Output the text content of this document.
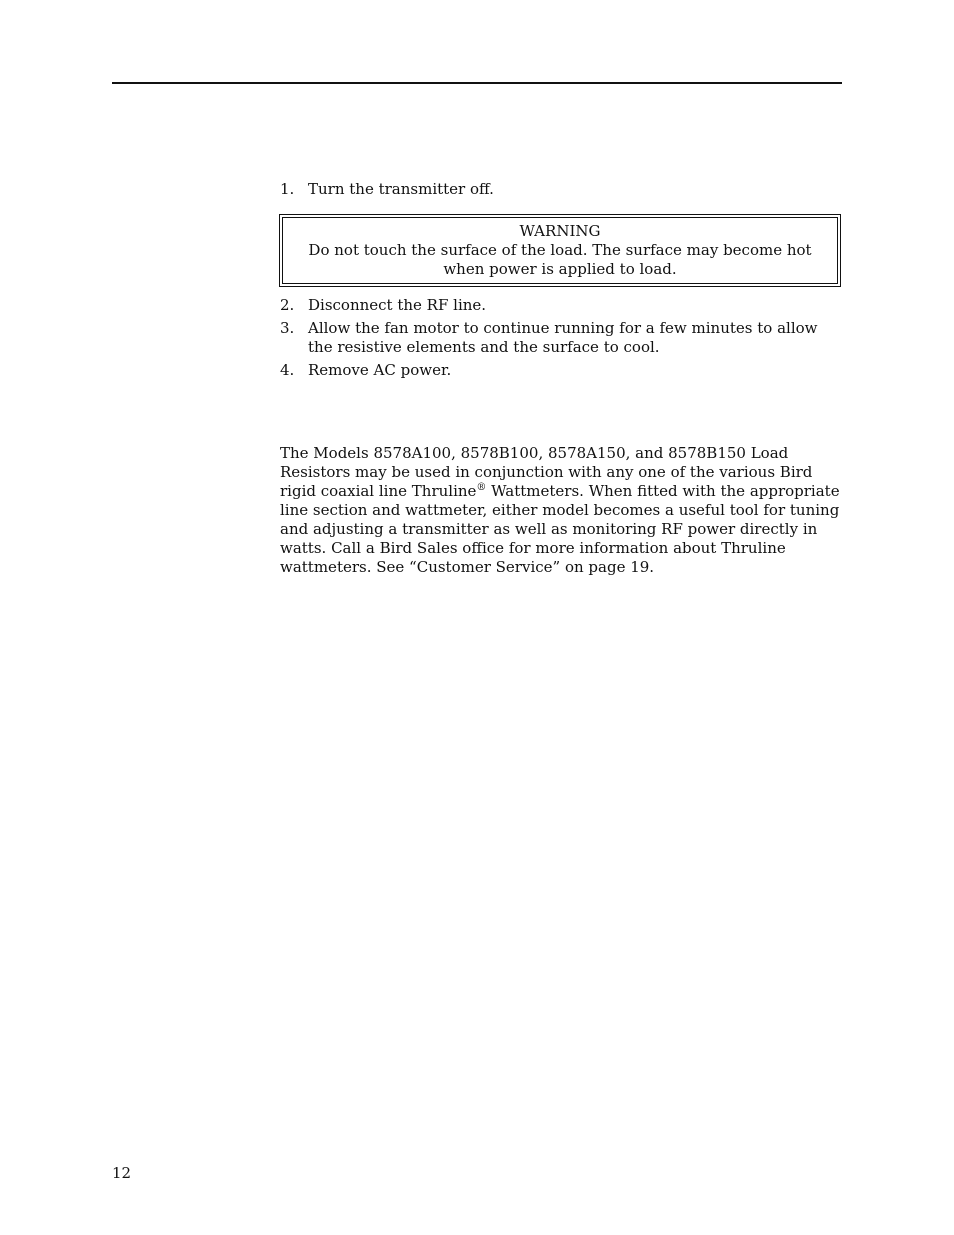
1. Turn the transmitter off.
WARNING
Do not touch the surface of the load. The surface may become hot when power is applied to load.
2. Disconnect the RF line.
3. Allow the fan motor to continue running for a few minutes to allow the resistive elements and the surface to cool.
4. Remove AC power.

The Models 8578A100, 8578B100, 8578A150, and 8578B150 Load Resistors may be used in conjunction with any one of the various Bird rigid coaxial line Thruline® Wattmeters. When fitted with the appropriate line section and wattmeter, either model becomes a useful tool for tuning and adjusting a transmitter as well as monitoring RF power directly in watts. Call a Bird Sales office for more information about Thruline wattmeters. See “Customer Service” on page 19.

12
